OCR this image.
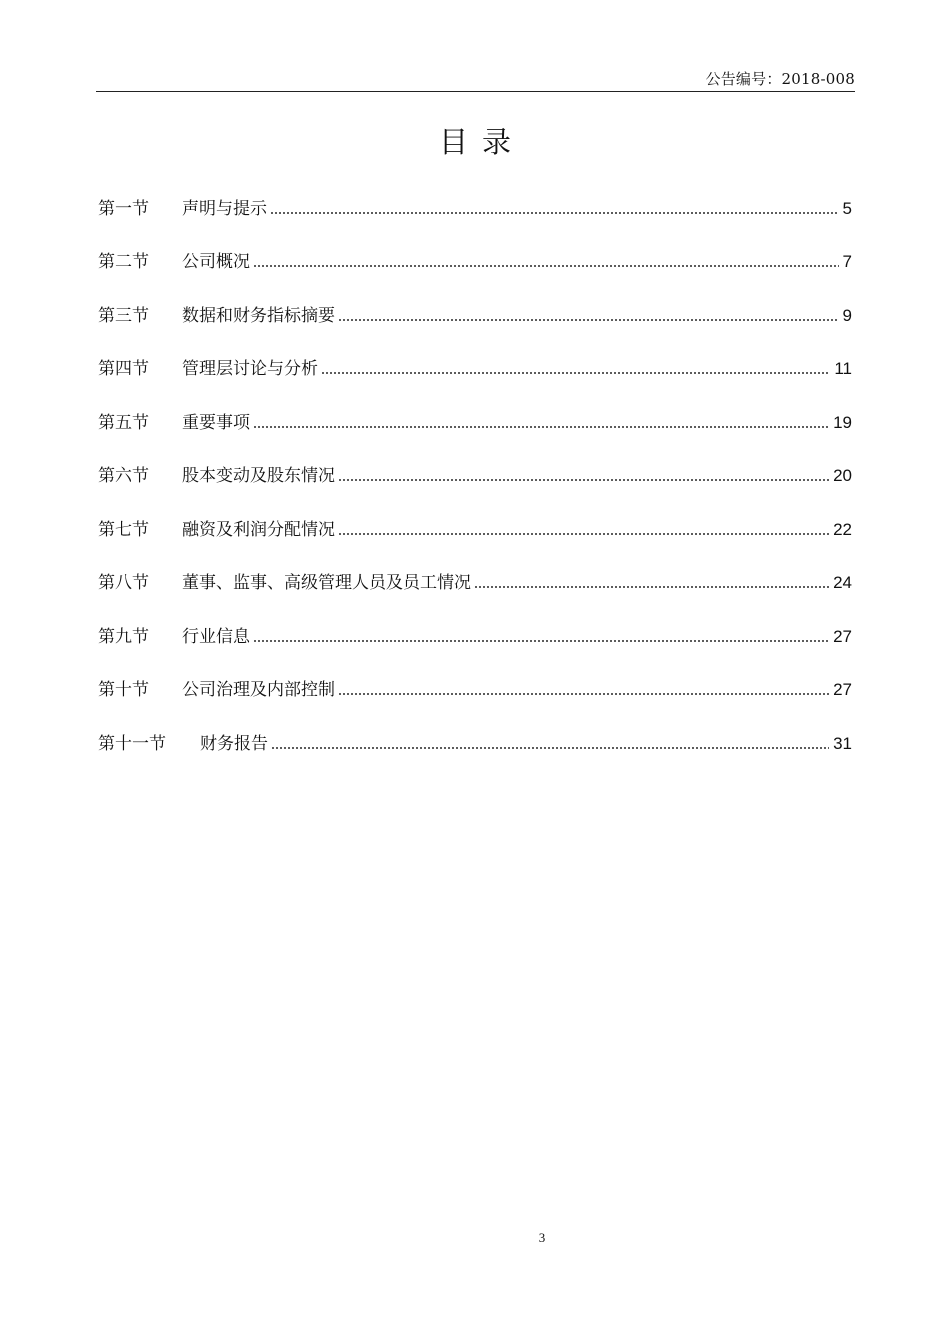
公告编号：2018-008
目录
第一节	声明与提示	5
第二节	公司概况	7
第三节	数据和财务指标摘要	9
第四节	管理层讨论与分析	11
第五节	重要事项	19
第六节	股本变动及股东情况	20
第七节	融资及利润分配情况	22
第八节	董事、监事、高级管理人员及员工情况	24
第九节	行业信息	27
第十节	公司治理及内部控制	27
第十一节	财务报告	31
3
